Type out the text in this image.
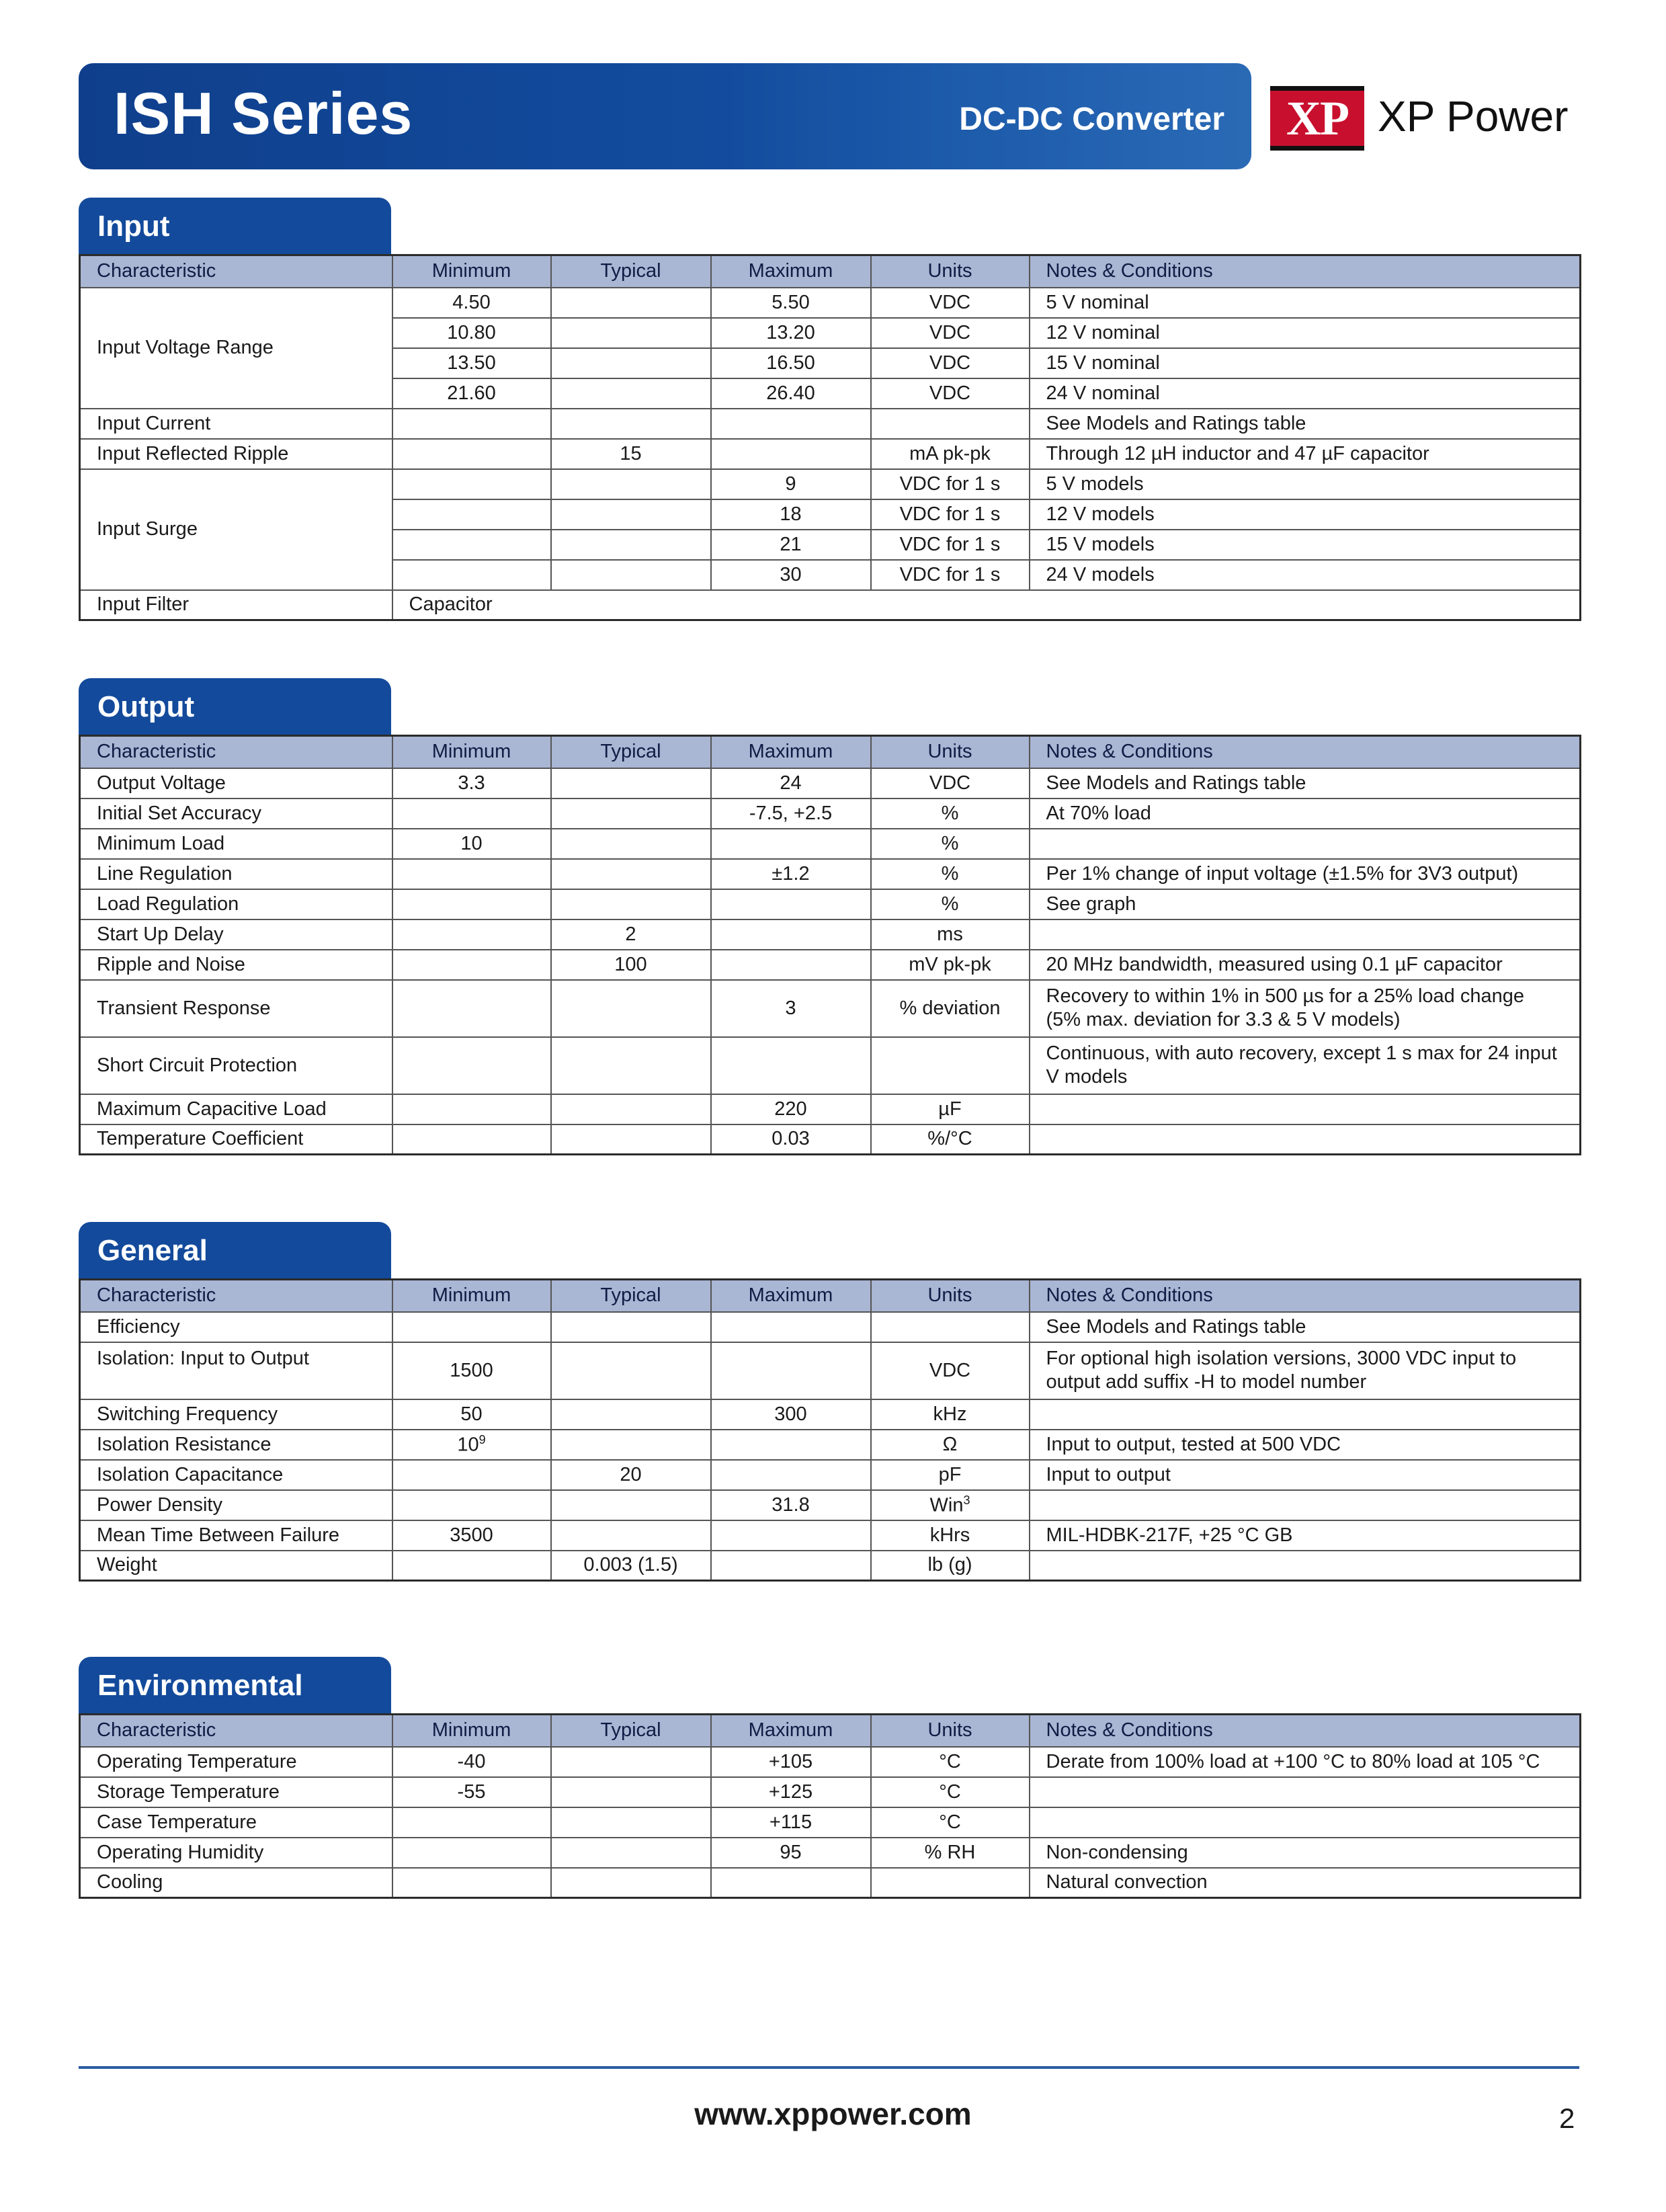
ISH Series	DC-DC Converter	XP XP Power
Input
Characteristic	Minimum	Typical	Maximum	Units	Notes & Conditions
Input Voltage Range	4.50		5.50	VDC	5 V nominal
	10.80		13.20	VDC	12 V nominal
	13.50		16.50	VDC	15 V nominal
	21.60		26.40	VDC	24 V nominal
Input Current					See Models and Ratings table
Input Reflected Ripple		15		mA pk-pk	Through 12 µH inductor and 47 µF capacitor
Input Surge			9	VDC for 1 s	5 V models
			18	VDC for 1 s	12 V models
			21	VDC for 1 s	15 V models
			30	VDC for 1 s	24 V models
Input Filter	Capacitor				
Output
Characteristic	Minimum	Typical	Maximum	Units	Notes & Conditions
Output Voltage	3.3		24	VDC	See Models and Ratings table
Initial Set Accuracy			-7.5, +2.5	%	At 70% load
Minimum Load	10			%	
Line Regulation			±1.2	%	Per 1% change of input voltage (±1.5% for 3V3 output)
Load Regulation				%	See graph
Start Up Delay		2		ms	
Ripple and Noise		100		mV pk-pk	20 MHz bandwidth, measured using 0.1 µF capacitor
Transient Response			3	% deviation	Recovery to within 1% in 500 µs for a 25% load change (5% max. deviation for 3.3 & 5 V models)
Short Circuit Protection					Continuous, with auto recovery, except 1 s max for 24 input V models
Maximum Capacitive Load			220	µF	
Temperature Coefficient			0.03	%/°C	
General
Characteristic	Minimum	Typical	Maximum	Units	Notes & Conditions
Efficiency					See Models and Ratings table
Isolation: Input to Output	1500			VDC	For optional high isolation versions, 3000 VDC input to output add suffix -H to model number
Switching Frequency	50		300	kHz	
Isolation Resistance	$10^9$			Ω	Input to output, tested at 500 VDC
Isolation Capacitance		20		pF	Input to output
Power Density			31.8	Win$^3$	
Mean Time Between Failure	3500			kHrs	MIL-HDBK-217F, +25 °C GB
Weight		0.003 (1.5)		lb (g)	
Environmental
Characteristic	Minimum	Typical	Maximum	Units	Notes & Conditions
Operating Temperature	-40		+105	°C	Derate from 100% load at +100 °C to 80% load at 105 °C
Storage Temperature	-55		+125	°C	
Case Temperature			+115	°C	
Operating Humidity			95	% RH	Non-condensing
Cooling					Natural convection
www.xppower.com	2
